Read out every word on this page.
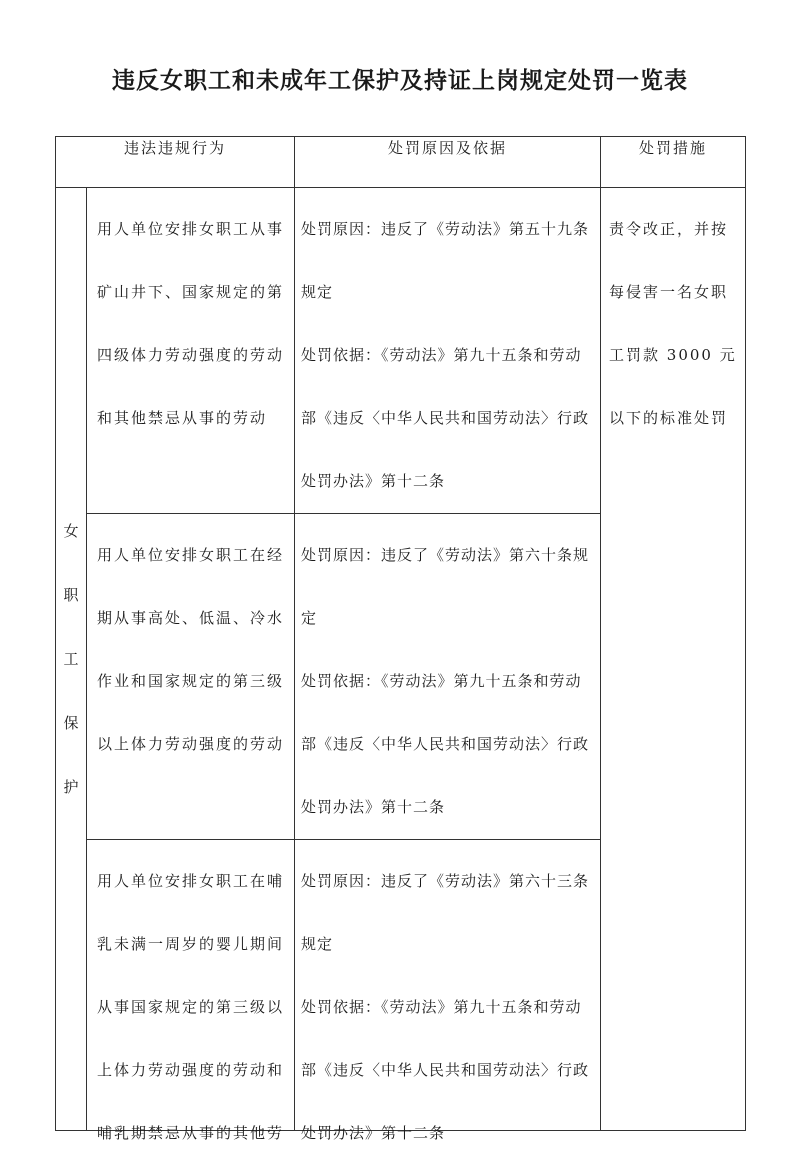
违反女职工和未成年工保护及持证上岗规定处罚一览表
违法违规行为		处罚原因及依据	处罚措施
女职工保护	用人单位安排女职工从事矿山井下、国家规定的第四级体力劳动强度的劳动和其他禁忌从事的劳动	处罚原因：违反了《劳动法》第五十九条规定
处罚依据：《劳动法》第九十五条和劳动部《违反〈中华人民共和国劳动法〉行政处罚办法》第十二条	责令改正，并按每侵害一名女职工罚款 3000 元以下的标准处罚

	用人单位安排女职工在经期从事高处、低温、冷水作业和国家规定的第三级以上体力劳动强度的劳动	处罚原因：违反了《劳动法》第六十条规定
处罚依据：《劳动法》第九十五条和劳动部《违反〈中华人民共和国劳动法〉行政处罚办法》第十二条	

	用人单位安排女职工在哺乳未满一周岁的婴儿期间从事国家规定的第三级以上体力劳动强度的劳动和哺乳期禁忌从事的其他劳	处罚原因：违反了《劳动法》第六十三条规定
处罚依据：《劳动法》第九十五条和劳动部《违反〈中华人民共和国劳动法〉行政处罚办法》第十二条	
